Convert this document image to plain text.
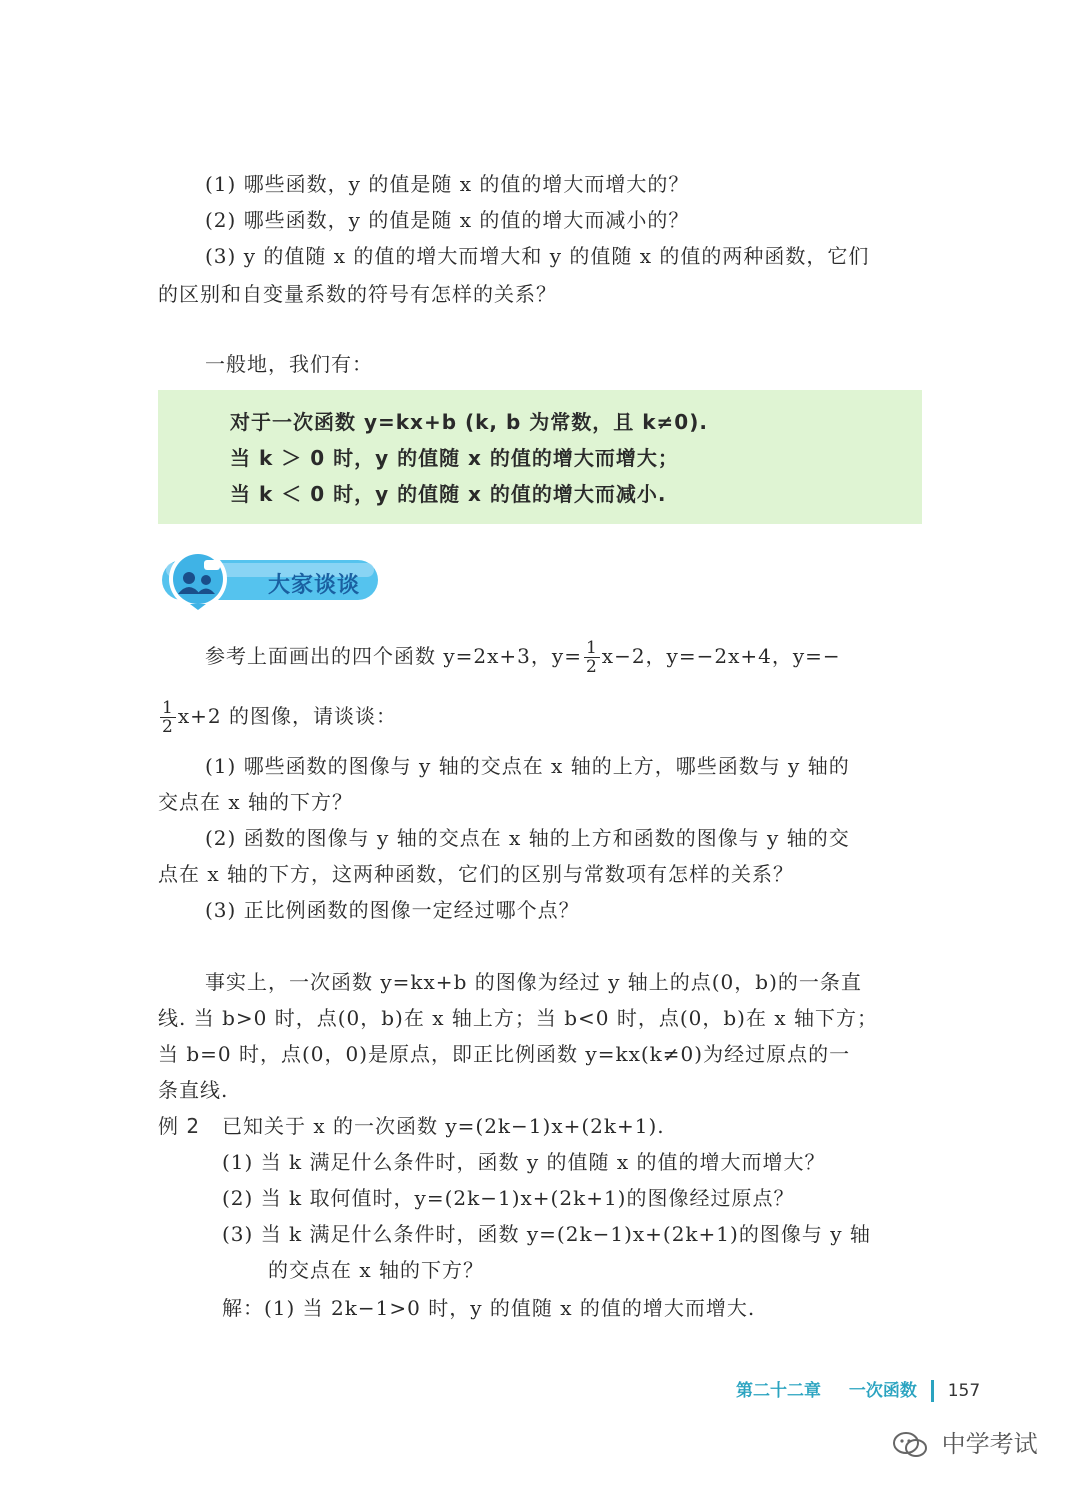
(1) 哪些函数，y 的值是随 x 的值的增大而增大的？
(2) 哪些函数，y 的值是随 x 的值的增大而减小的？
(3) y 的值随 x 的值的增大而增大和 y 的值随 x 的值的两种函数，它们
的区别和自变量系数的符号有怎样的关系？
一般地，我们有：
对于一次函数 y=kx+b (k, b 为常数，且 k≠0).
当 k ＞ 0 时，y 的值随 x 的值的增大而增大；
当 k ＜ 0 时，y 的值随 x 的值的增大而减小.
大家谈谈
参考上面画出的四个函数 y=2x+3，$y= \frac{1}{2} x-2$，y=−2x+4，y=−
$\frac{1}{2} x+2$ 的图像，请谈谈：
(1) 哪些函数的图像与 y 轴的交点在 x 轴的上方，哪些函数与 y 轴的
交点在 x 轴的下方？
(2) 函数的图像与 y 轴的交点在 x 轴的上方和函数的图像与 y 轴的交
点在 x 轴的下方，这两种函数，它们的区别与常数项有怎样的关系？
(3) 正比例函数的图像一定经过哪个点？
事实上，一次函数 y=kx+b 的图像为经过 y 轴上的点(0，b)的一条直
线. 当 b>0 时，点(0，b)在 x 轴上方；当 b<0 时，点(0，b)在 x 轴下方；
当 b=0 时，点(0，0)是原点，即正比例函数 y=kx(k≠0)为经过原点的一
条直线.
例 2 已知关于 x 的一次函数 y=(2k−1)x+(2k+1).
(1) 当 k 满足什么条件时，函数 y 的值随 x 的值的增大而增大？
(2) 当 k 取何值时，y=(2k−1)x+(2k+1)的图像经过原点？
(3) 当 k 满足什么条件时，函数 y=(2k−1)x+(2k+1)的图像与 y 轴
的交点在 x 轴的下方？
解：(1) 当 2k−1>0 时，y 的值随 x 的值的增大而增大.
第二十二章 一次函数 157
中学考试
